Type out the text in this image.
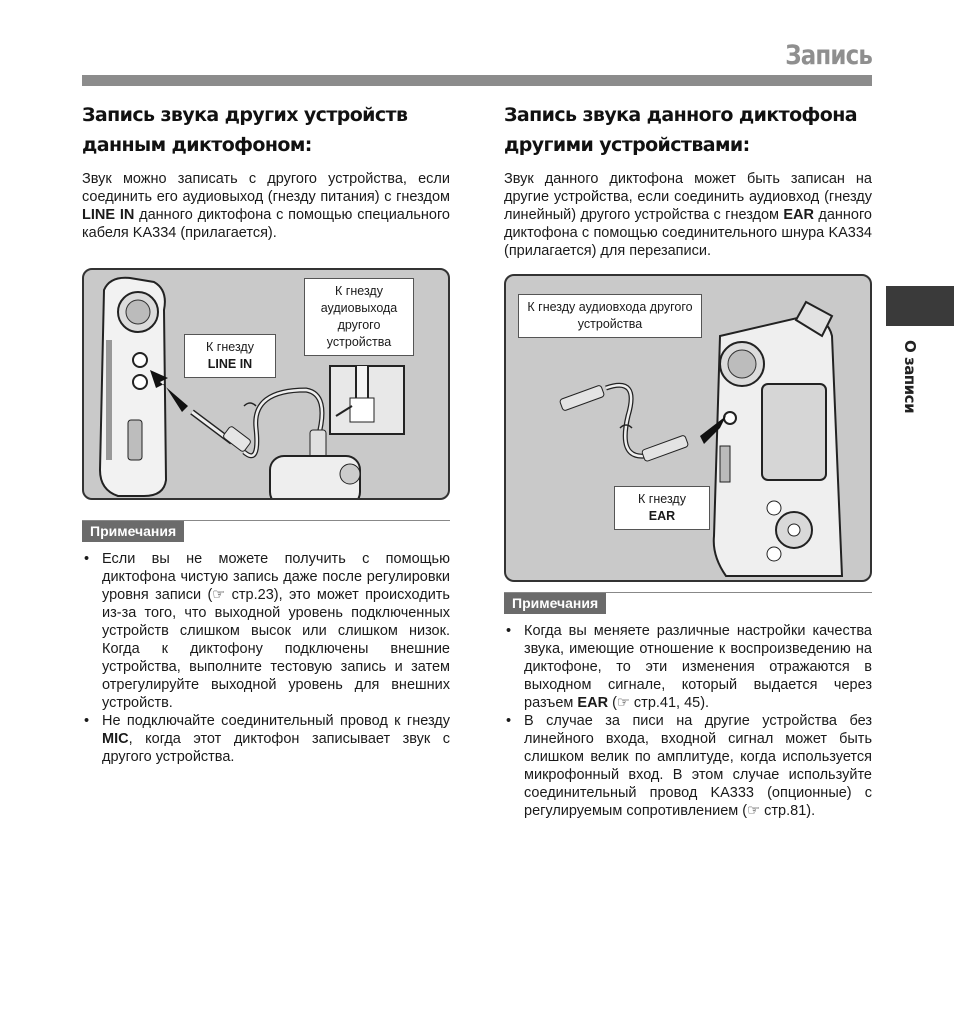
Запись
Запись звука других устройств данным диктофоном:

Звук можно записать с другого устройства, если соединить его аудиовыход (гнезду питания) с гнездом LINE IN данного диктофона с помощью специального кабеля KA334 (прилагается).

К гнезду аудиовыхода другого устройства
К гнезду
LINE IN
Примечания
• Если вы не можете получить с помощью диктофона чистую запись даже после регулировки уровня записи (☞ стр.23), это может происходить из-за того, что выходной уровень подключенных устройств слишком высок или слишком низок. Когда к диктофону подключены внешние устройства, выполните тестовую запись и затем отрегулируйте выходной уровень для внешних устройств.
• Не подключайте соединительный провод к гнезду MIC, когда этот диктофон записывает звук с другого устройства.
Запись звука данного диктофона другими устройствами:

Звук данного диктофона может быть записан на другие устройства, если соединить аудиовход (гнезду линейный) другого устройства с гнездом EAR данного диктофона с помощью соединительного шнура KA334 (прилагается) для перезаписи.

К гнезду аудиовхода другого устройства
К гнезду
EAR
Примечания
• Когда вы меняете различные настройки качества звука, имеющие отношение к воспроизведению на диктофоне, то эти изменения отражаются в выходном сигнале, который выдается через разъем EAR (☞ стр.41, 45).
• В случае за писи на другие устройства без линейного входа, входной сигнал может быть слишком велик по амплитуде, когда используется микрофонный вход. В этом случае используйте соединительный провод KA333 (опционные) с регулируемым сопротивлением (☞ стр.81).
О записи
